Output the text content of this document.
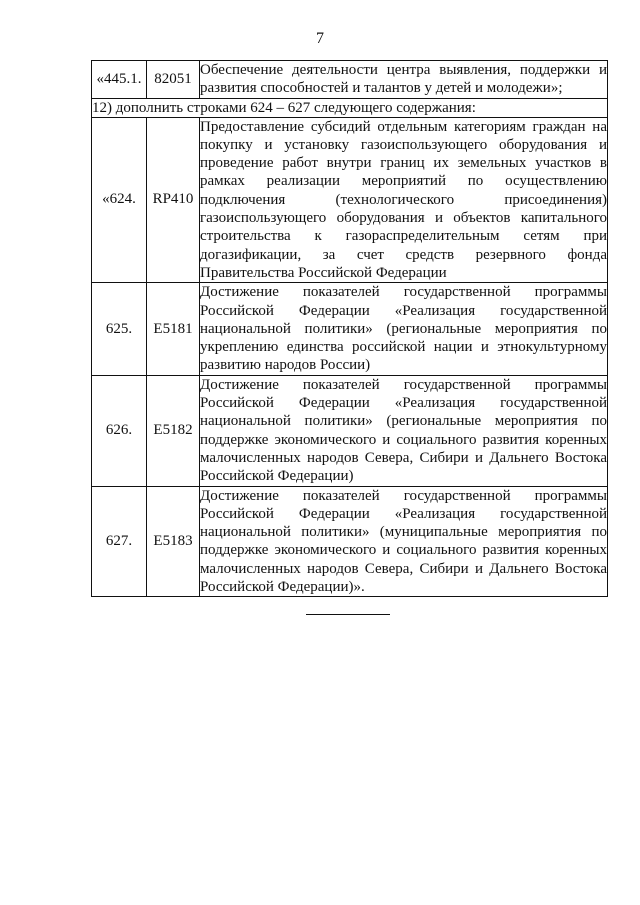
7
«445.1.	82051	Обеспечение деятельности центра выявления, поддержки и развития способностей и талантов у детей и молодежи»;
12) дополнить строками 624 – 627 следующего содержания:		
«624.	RP410	Предоставление субсидий отдельным категориям граждан на покупку и установку газоиспользующего оборудования и проведение работ внутри границ их земельных участков в рамках реализации мероприятий по осуществлению подключения (технологического присоединения) газоиспользующего оборудования и объектов капитального строительства к газораспределительным сетям при догазификации, за счет средств резервного фонда Правительства Российской Федерации
625.	E5181	Достижение показателей государственной программы Российской Федерации «Реализация государственной национальной политики» (региональные мероприятия по укреплению единства российской нации и этнокультурному развитию народов России)
626.	E5182	Достижение показателей государственной программы Российской Федерации «Реализация государственной национальной политики» (региональные мероприятия по поддержке экономического и социального развития коренных малочисленных народов Севера, Сибири и Дальнего Востока Российской Федерации)
627.	E5183	Достижение показателей государственной программы Российской Федерации «Реализация государственной национальной политики» (муниципальные мероприятия по поддержке экономического и социального развития коренных малочисленных народов Севера, Сибири и Дальнего Востока Российской Федерации)».
